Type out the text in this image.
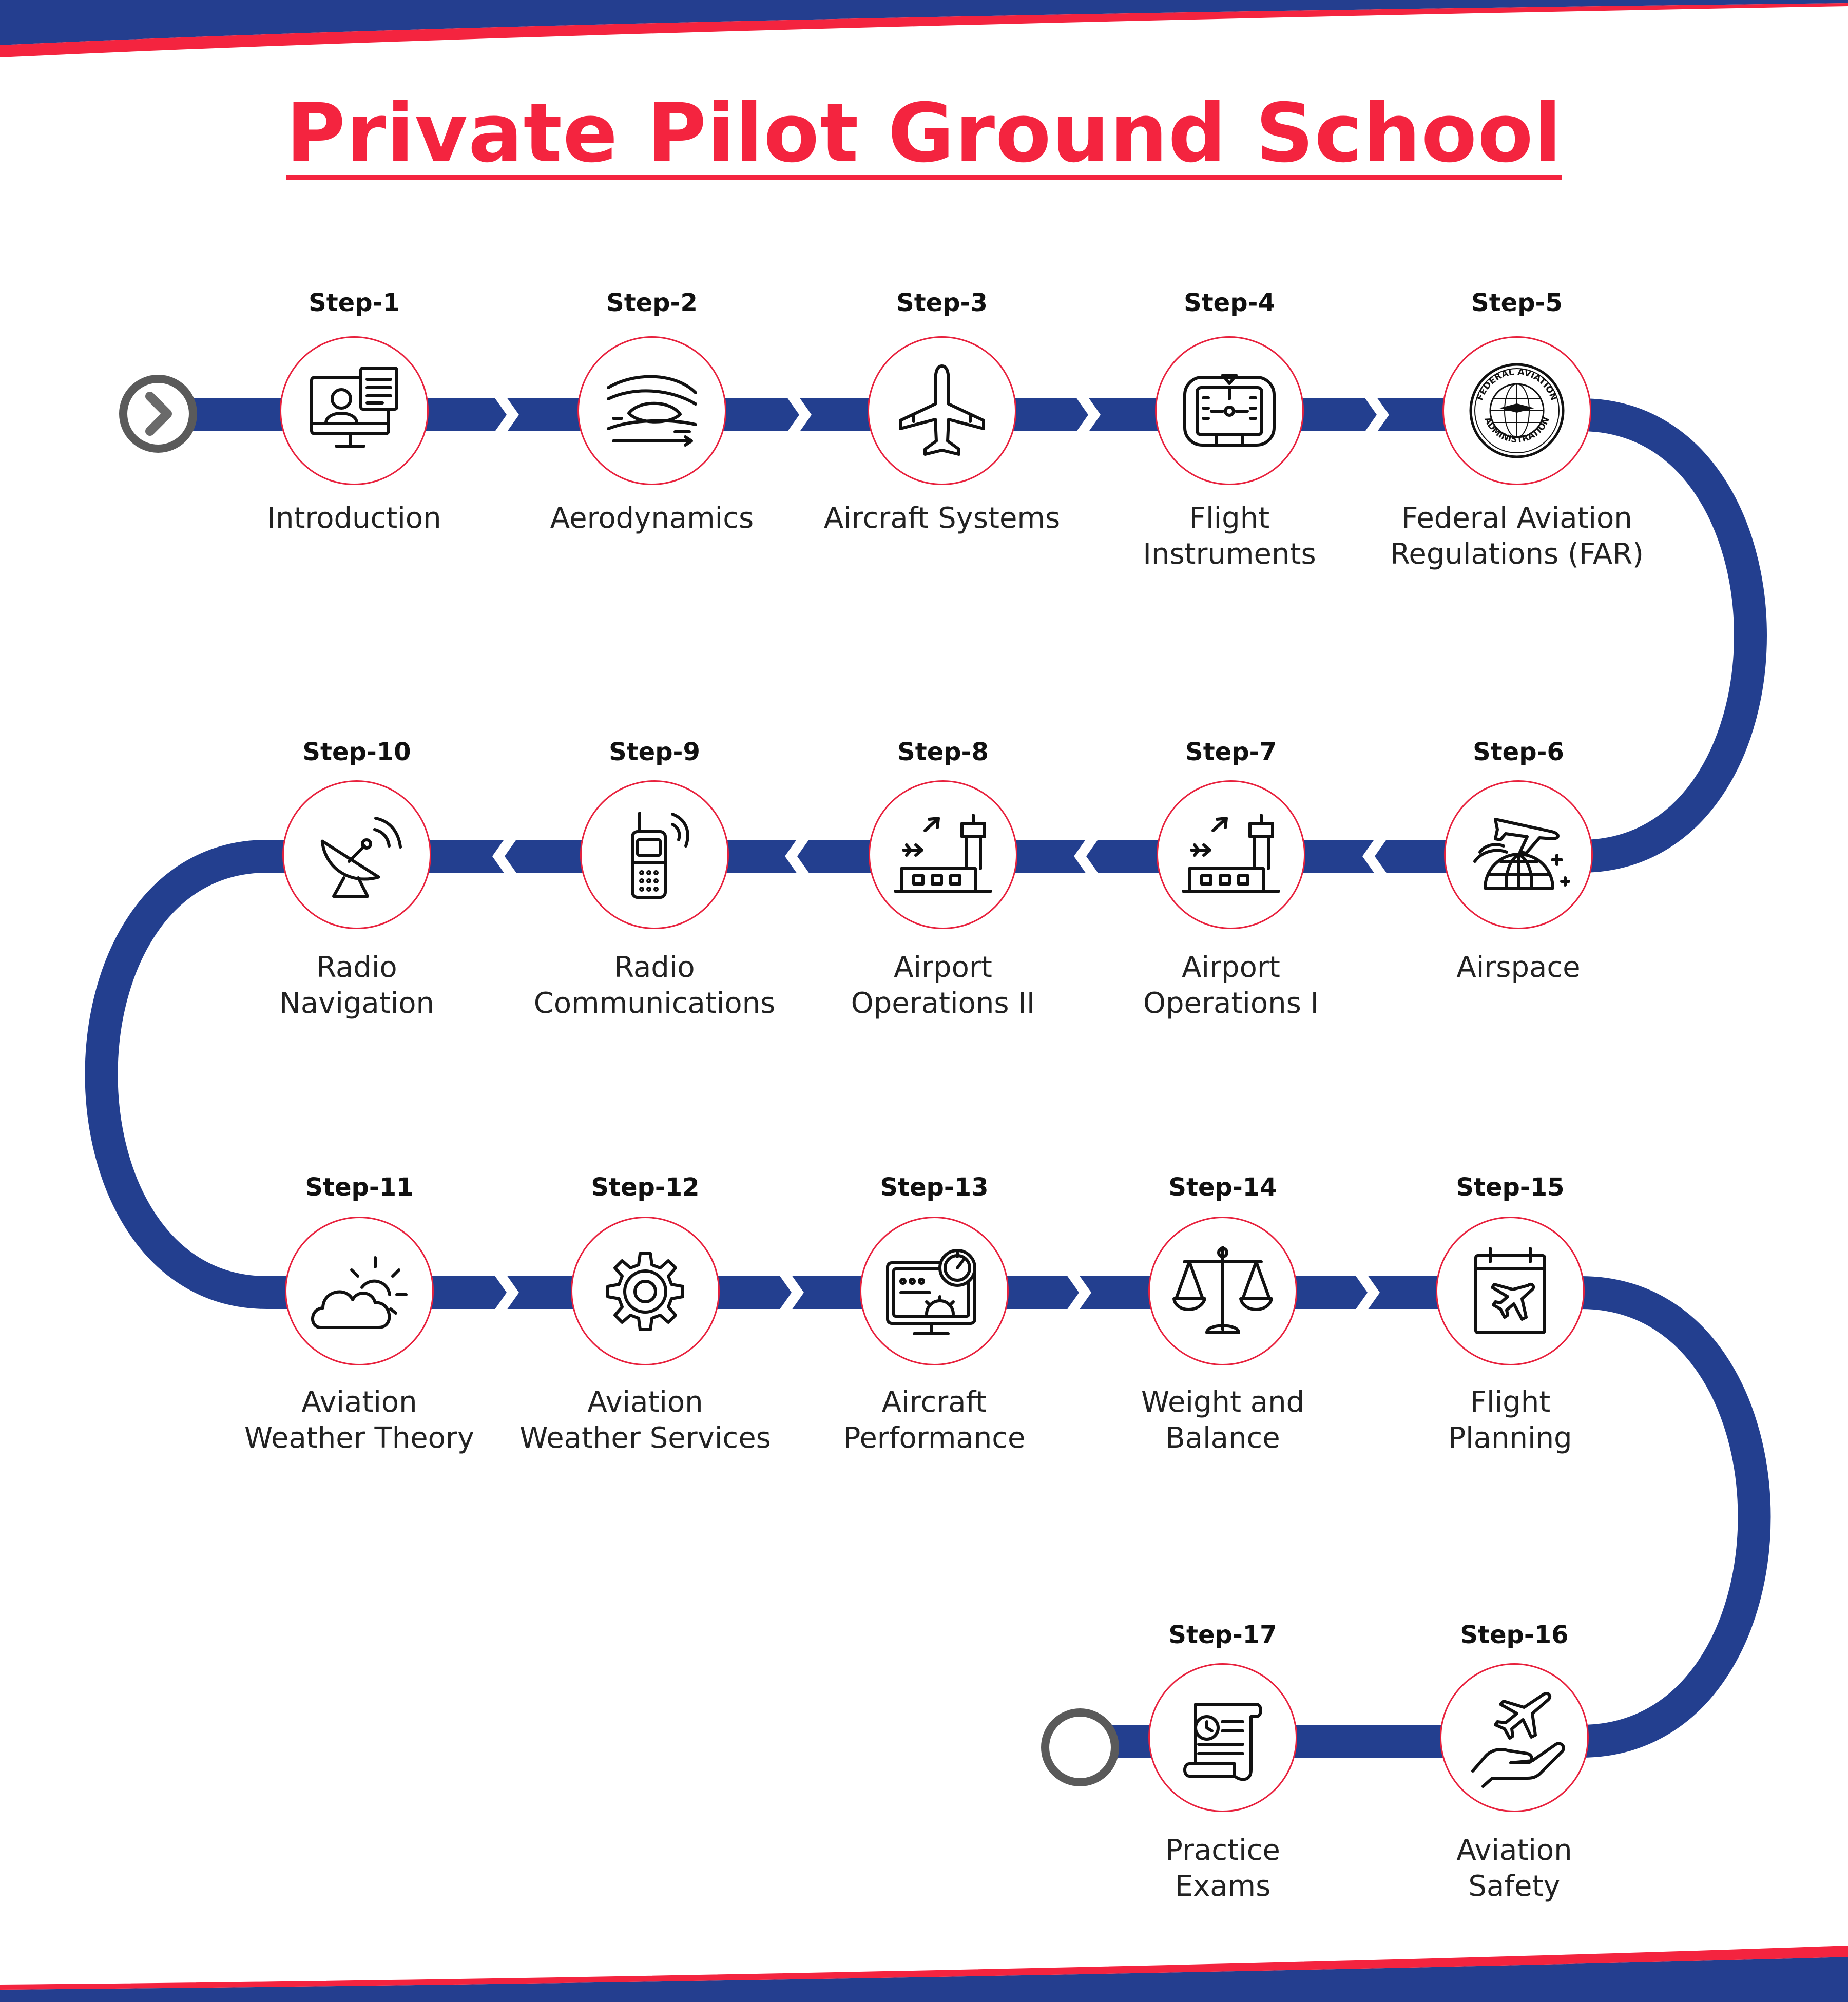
Private Pilot Ground School
Step-1
Introduction
Step-2
Aerodynamics
Step-3
Aircraft Systems
Step-4
Flight
Instruments
Step-5
FEDERAL AVIATION
ADMINISTRATION
Federal Aviation
Regulations (FAR)
Step-6
Airspace
Step-7
Airport
Operations I
Step-8
Airport
Operations II
Step-9
Radio
Communications
Step-10
Radio
Navigation
Step-11
Aviation
Weather Theory
Step-12
Aviation
Weather Services
Step-13
Aircraft
Performance
Step-14
Weight and
Balance
Step-15
Flight
Planning
Step-16
Aviation
Safety
Step-17
Practice
Exams
